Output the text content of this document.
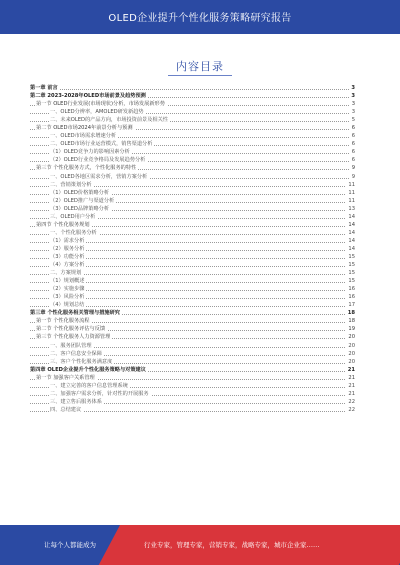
OLED企业提升个性化服务策略研究报告
内容目录
第一章 前言	3
第二章 2023-2028年OLED市场前景及趋势预测	3
第一节 OLED行业发展(市场现状)分析，市场发展新形势	3
一、OLED分辨率，AMOLED研发新趋势	3
二、未来OLED的产品方向，市场投资前景及相关性	5
第二节 OLED市场2024年前景分析与预测	6
一、OLED市场需求增速分析	6
二、OLED市场行业运营模式，销售渠道分析	6
（1）OLED竞争力的影响因素分析	6
（2）OLED行业竞争格局及发展趋势分析	6
第三节 个性化服务方式，个性化服务的特性	9
一、OLED各地区需求分析，营销方案分析	9
二、营销策划分析	11
（1）OLED价格策略分析	11
（2）OLED推广与渠道分析	11
（3）OLED品牌策略分析	13
三、OLED用户分析	14
第四节 个性化服务规划	14
一、个性化服务分析	14
（1）需求分析	14
（2）服务分析	14
（3）功能分析	15
（4）方案分析	15
二、方案规划	15
（1）规划概述	15
（2）实施步骤	16
（3）风险分析	16
（4）规划总结	17
第三章 个性化服务相关管理与措施研究	18
第一节 个性化服务流程	18
第二节 个性化服务评估与反馈	19
第三节 个性化服务人力资源管理	20
一、服务团队管理	20
二、客户信息安全保障	20
三、客户个性化服务满意度	20
第四章 OLED企业提升个性化服务策略与对策建议	21
第一节 加强客户关系管理	21
一、建立完善的客户信息管理系统	21
二、加强客户需求分析，针对性的开展服务	21
三、建立售后服务体系	22
四、总结建议	22
让每个人都能成为	行业专家，管理专家，营销专家，战略专家，城市企业家……
